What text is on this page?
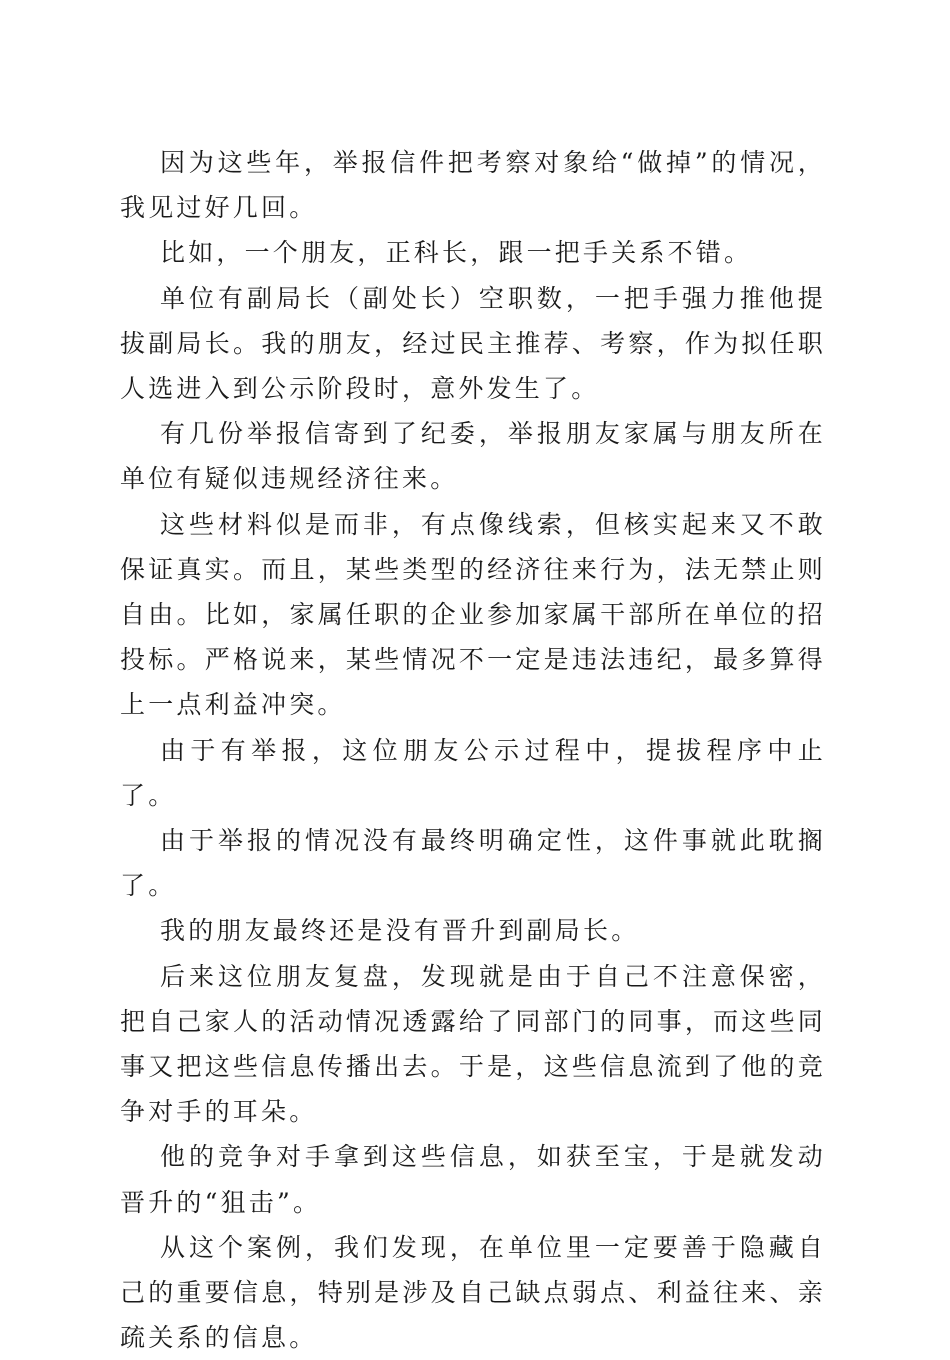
因为这些年，举报信件把考察对象给“做掉”的情况，我见过好几回。

比如，一个朋友，正科长，跟一把手关系不错。

单位有副局长（副处长）空职数，一把手强力推他提拔副局长。我的朋友，经过民主推荐、考察，作为拟任职人选进入到公示阶段时，意外发生了。

有几份举报信寄到了纪委，举报朋友家属与朋友所在单位有疑似违规经济往来。

这些材料似是而非，有点像线索，但核实起来又不敢保证真实。而且，某些类型的经济往来行为，法无禁止则自由。比如，家属任职的企业参加家属干部所在单位的招投标。严格说来，某些情况不一定是违法违纪，最多算得上一点利益冲突。

由于有举报，这位朋友公示过程中，提拔程序中止了。

由于举报的情况没有最终明确定性，这件事就此耽搁了。

我的朋友最终还是没有晋升到副局长。

后来这位朋友复盘，发现就是由于自己不注意保密，把自己家人的活动情况透露给了同部门的同事，而这些同事又把这些信息传播出去。于是，这些信息流到了他的竞争对手的耳朵。

他的竞争对手拿到这些信息，如获至宝，于是就发动晋升的“狙击”。

从这个案例，我们发现，在单位里一定要善于隐藏自己的重要信息，特别是涉及自己缺点弱点、利益往来、亲疏关系的信息。
